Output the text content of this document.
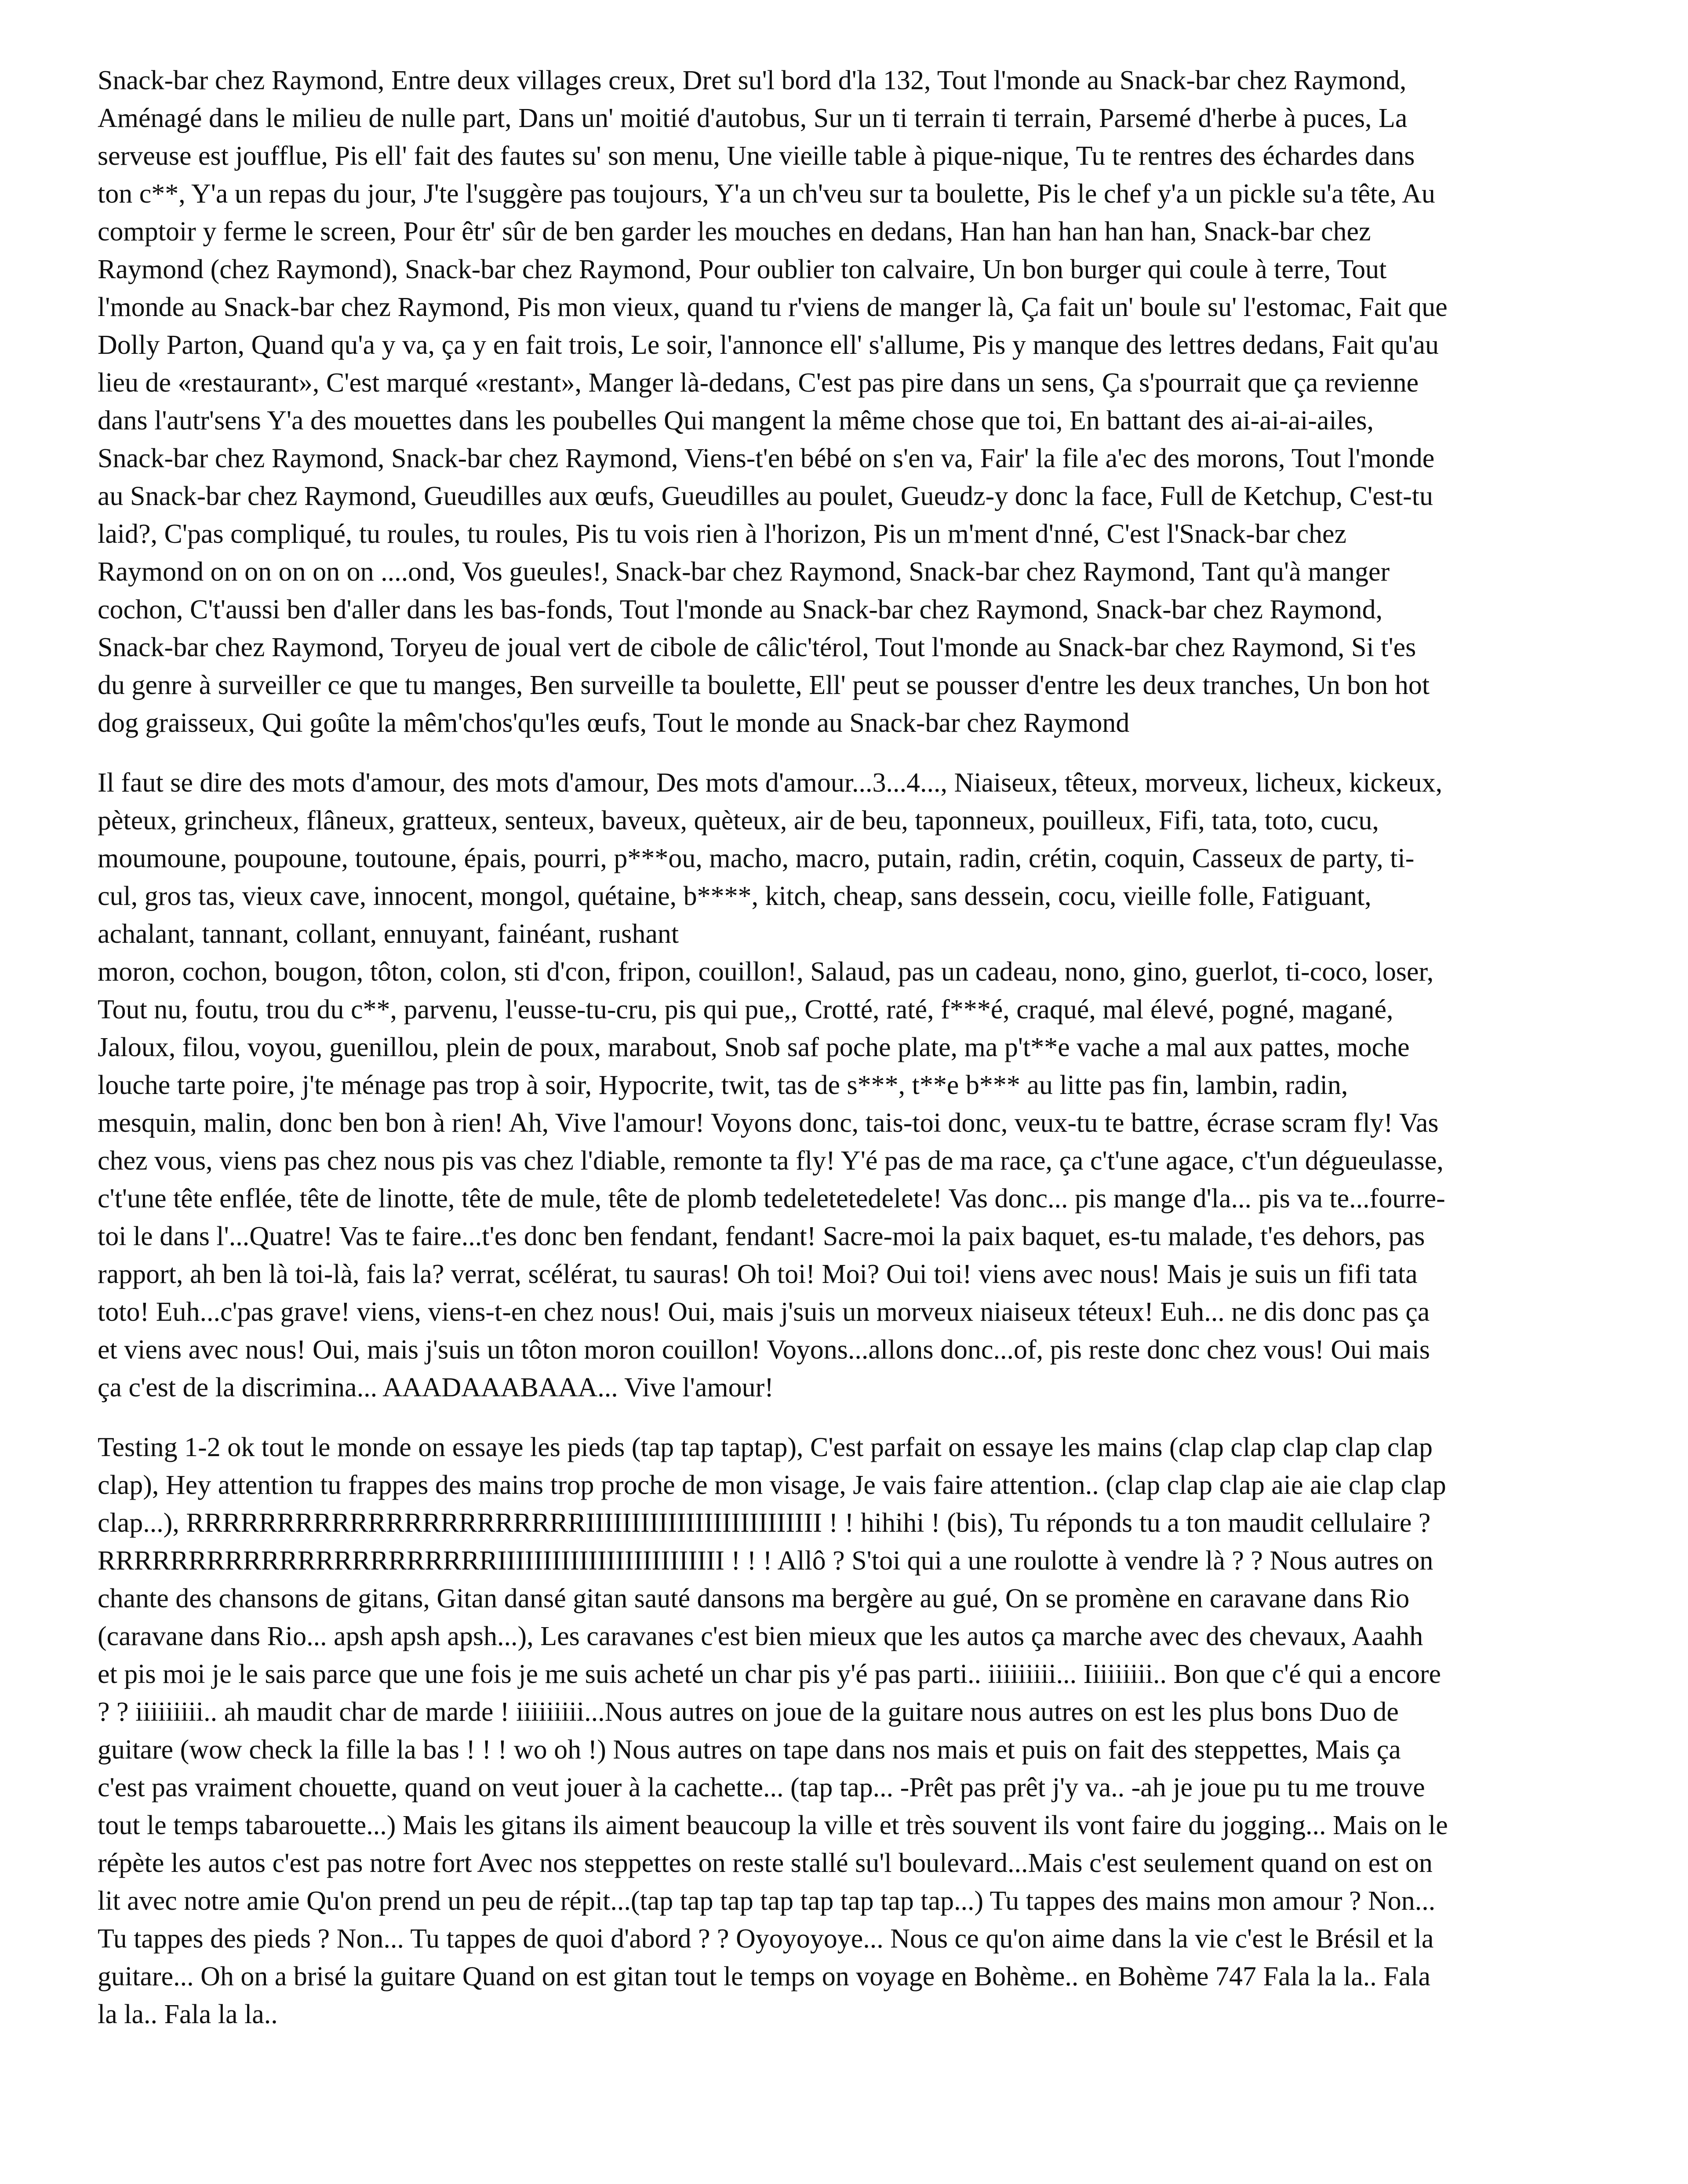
Snack-bar chez Raymond, Entre deux villages creux, Dret su'l bord d'la 132, Tout l'monde au Snack-bar chez Raymond,
Aménagé dans le milieu de nulle part, Dans un' moitié d'autobus, Sur un ti terrain ti terrain, Parsemé d'herbe à puces, La
serveuse est joufflue, Pis ell' fait des fautes su' son menu, Une vieille table à pique-nique, Tu te rentres des échardes dans
ton c**, Y'a un repas du jour, J'te l'suggère pas toujours, Y'a un ch'veu sur ta boulette, Pis le chef y'a un pickle su'a tête, Au
comptoir y ferme le screen, Pour êtr' sûr de ben garder les mouches en dedans, Han han han han han, Snack-bar chez
Raymond (chez Raymond), Snack-bar chez Raymond, Pour oublier ton calvaire, Un bon burger qui coule à terre, Tout
l'monde au Snack-bar chez Raymond, Pis mon vieux, quand tu r'viens de manger là, Ça fait un' boule su' l'estomac, Fait que
Dolly Parton, Quand qu'a y va, ça y en fait trois, Le soir, l'annonce ell' s'allume, Pis y manque des lettres dedans, Fait qu'au
lieu de «restaurant», C'est marqué «restant», Manger là-dedans, C'est pas pire dans un sens, Ça s'pourrait que ça revienne
dans l'autr'sens Y'a des mouettes dans les poubelles Qui mangent la même chose que toi, En battant des ai-ai-ai-ailes,
Snack-bar chez Raymond, Snack-bar chez Raymond, Viens-t'en bébé on s'en va, Fair' la file a'ec des morons, Tout l'monde
au Snack-bar chez Raymond, Gueudilles aux œufs, Gueudilles au poulet, Gueudz-y donc la face, Full de Ketchup, C'est-tu
laid?, C'pas compliqué, tu roules, tu roules, Pis tu vois rien à l'horizon, Pis un m'ment d'nné, C'est l'Snack-bar chez
Raymond on on on on on ....ond, Vos gueules!, Snack-bar chez Raymond, Snack-bar chez Raymond, Tant qu'à manger
cochon, C't'aussi ben d'aller dans les bas-fonds, Tout l'monde au Snack-bar chez Raymond, Snack-bar chez Raymond,
Snack-bar chez Raymond, Toryeu de joual vert de cibole de câlic'térol, Tout l'monde au Snack-bar chez Raymond, Si t'es
du genre à surveiller ce que tu manges, Ben surveille ta boulette, Ell' peut se pousser d'entre les deux tranches, Un bon hot
dog graisseux, Qui goûte la mêm'chos'qu'les œufs, Tout le monde au Snack-bar chez Raymond

Il faut se dire des mots d'amour, des mots d'amour, Des mots d'amour...3...4..., Niaiseux, têteux, morveux, licheux, kickeux,
pèteux, grincheux, flâneux, gratteux, senteux, baveux, quèteux, air de beu, taponneux, pouilleux, Fifi, tata, toto, cucu,
moumoune, poupoune, toutoune, épais, pourri, p***ou, macho, macro, putain, radin, crétin, coquin, Casseux de party, ti-
cul, gros tas, vieux cave, innocent, mongol, quétaine, b****, kitch, cheap, sans dessein, cocu, vieille folle, Fatiguant,
achalant, tannant, collant, ennuyant, fainéant, rushant
moron, cochon, bougon, tôton, colon, sti d'con, fripon, couillon!, Salaud, pas un cadeau, nono, gino, guerlot, ti-coco, loser,
Tout nu, foutu, trou du c**, parvenu, l'eusse-tu-cru, pis qui pue,, Crotté, raté, f***é, craqué, mal élevé, pogné, magané,
Jaloux, filou, voyou, guenillou, plein de poux, marabout, Snob saf poche plate, ma p't**e vache a mal aux pattes, moche
louche tarte poire, j'te ménage pas trop à soir, Hypocrite, twit, tas de s***, t**e b*** au litte pas fin, lambin, radin,
mesquin, malin, donc ben bon à rien! Ah, Vive l'amour! Voyons donc, tais-toi donc, veux-tu te battre, écrase scram fly! Vas
chez vous, viens pas chez nous pis vas chez l'diable, remonte ta fly! Y'é pas de ma race, ça c't'une agace, c't'un dégueulasse,
c't'une tête enflée, tête de linotte, tête de mule, tête de plomb tedeletetedelete! Vas donc... pis mange d'la... pis va te...fourre-
toi le dans l'...Quatre! Vas te faire...t'es donc ben fendant, fendant! Sacre-moi la paix baquet, es-tu malade, t'es dehors, pas
rapport, ah ben là toi-là, fais la? verrat, scélérat, tu sauras! Oh toi! Moi? Oui toi! viens avec nous! Mais je suis un fifi tata
toto! Euh...c'pas grave! viens, viens-t-en chez nous! Oui, mais j'suis un morveux niaiseux téteux! Euh... ne dis donc pas ça
et viens avec nous! Oui, mais j'suis un tôton moron couillon! Voyons...allons donc...of, pis reste donc chez vous! Oui mais
ça c'est de la discrimina... AAADAAABAAA... Vive l'amour!

Testing 1-2 ok tout le monde on essaye les pieds (tap tap taptap), C'est parfait on essaye les mains (clap clap clap clap clap
clap), Hey attention tu frappes des mains trop proche de mon visage, Je vais faire attention.. (clap clap clap aie aie clap clap
clap...), RRRRRRRRRRRRRRRRRRRRRRIIIIIIIIIIIIIIIIIIIIIIIIII ! ! hihihi ! (bis), Tu réponds tu a ton maudit cellulaire ?
RRRRRRRRRRRRRRRRRRRRRRIIIIIIIIIIIIIIIIIIIIIIIII ! ! ! Allô ? S'toi qui a une roulotte à vendre là ? ? Nous autres on
chante des chansons de gitans, Gitan dansé gitan sauté dansons ma bergère au gué, On se promène en caravane dans Rio
(caravane dans Rio... apsh apsh apsh...), Les caravanes c'est bien mieux que les autos ça marche avec des chevaux, Aaahh
et pis moi je le sais parce que une fois je me suis acheté un char pis y'é pas parti.. iiiiiiiii... Iiiiiiiii.. Bon que c'é qui a encore
? ? iiiiiiiii.. ah maudit char de marde ! iiiiiiiii...Nous autres on joue de la guitare nous autres on est les plus bons Duo de
guitare (wow check la fille la bas ! ! ! wo oh !) Nous autres on tape dans nos mais et puis on fait des steppettes, Mais ça
c'est pas vraiment chouette, quand on veut jouer à la cachette... (tap tap... -Prêt pas prêt j'y va.. -ah je joue pu tu me trouve
tout le temps tabarouette...) Mais les gitans ils aiment beaucoup la ville et très souvent ils vont faire du jogging... Mais on le
répète les autos c'est pas notre fort Avec nos steppettes on reste stallé su'l boulevard...Mais c'est seulement quand on est on
lit avec notre amie Qu'on prend un peu de répit...(tap tap tap tap tap tap tap tap...) Tu tappes des mains mon amour ? Non...
Tu tappes des pieds ? Non... Tu tappes de quoi d'abord ? ? Oyoyoyoye... Nous ce qu'on aime dans la vie c'est le Brésil et la
guitare... Oh on a brisé la guitare Quand on est gitan tout le temps on voyage en Bohème.. en Bohème 747 Fala la la.. Fala
la la.. Fala la la..
